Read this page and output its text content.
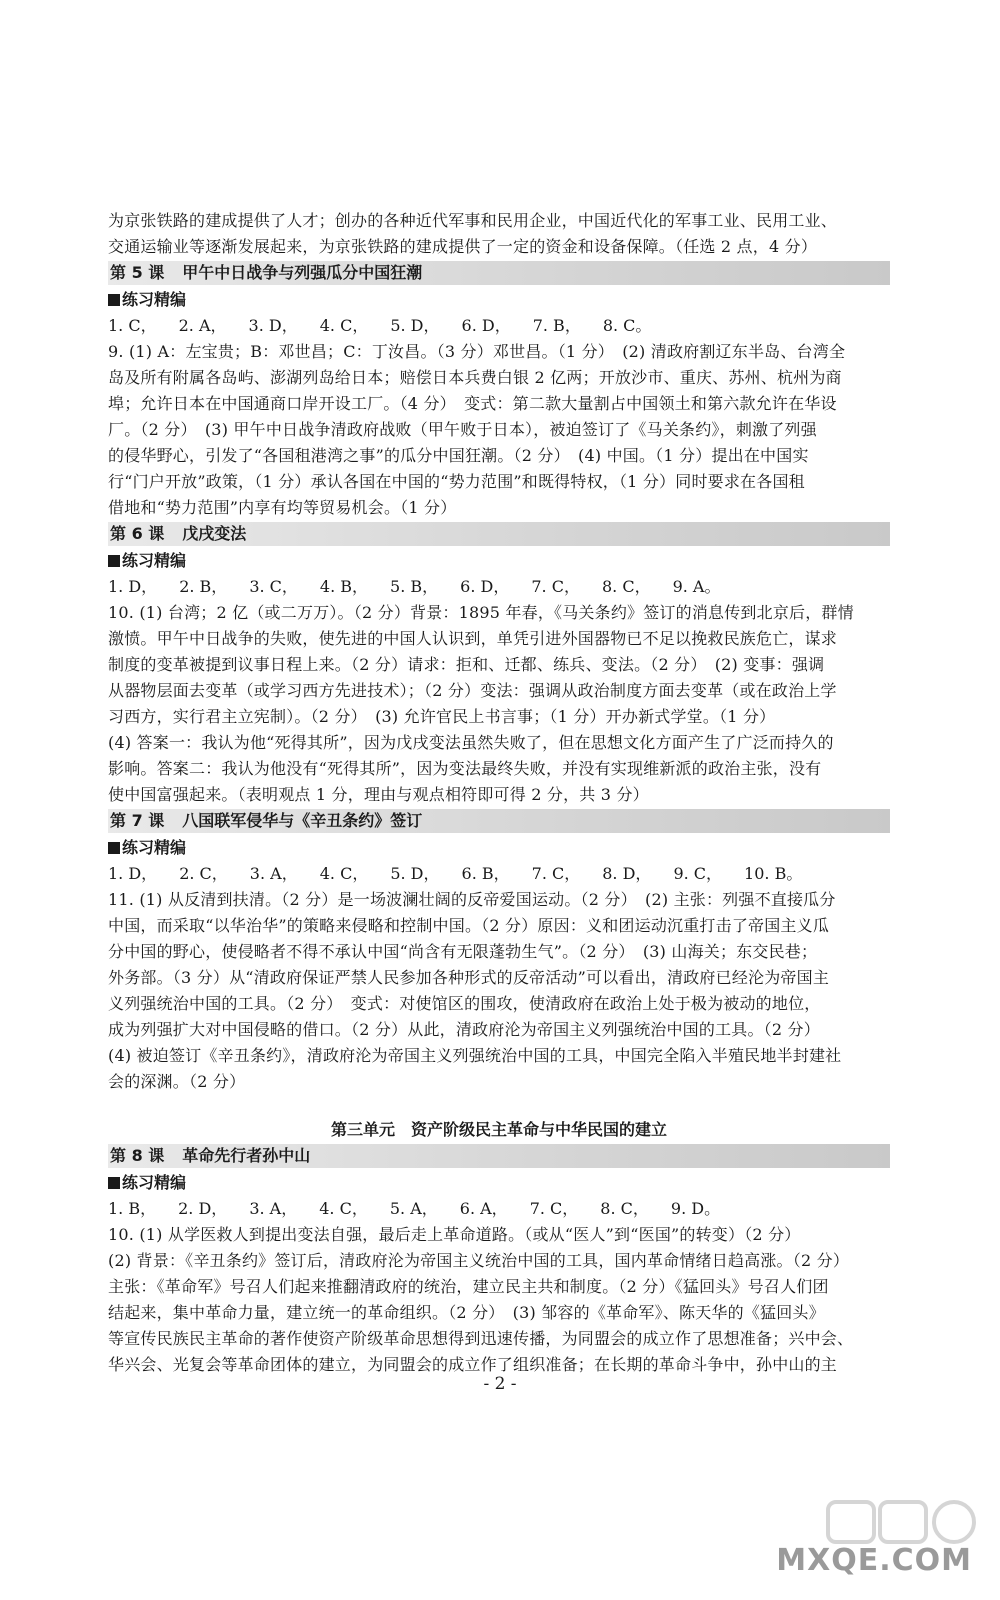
为京张铁路的建成提供了人才；创办的各种近代军事和民用企业，中国近代化的军事工业、民用工业、
交通运输业等逐渐发展起来，为京张铁路的建成提供了一定的资金和设备保障。（任选 2 点，4 分）
第 5 课 甲午中日战争与列强瓜分中国狂潮
练习精编
1. C， 2. A， 3. D， 4. C， 5. D， 6. D， 7. B， 8. C。
9. (1) A：左宝贵；B：邓世昌；C：丁汝昌。（3 分）邓世昌。（1 分）　(2) 清政府割辽东半岛、台湾全
岛及所有附属各岛屿、澎湖列岛给日本；赔偿日本兵费白银 2 亿两；开放沙市、重庆、苏州、杭州为商
埠；允许日本在中国通商口岸开设工厂。（4 分）　变式：第二款大量割占中国领土和第六款允许在华设
厂。（2 分）　(3) 甲午中日战争清政府战败（甲午败于日本），被迫签订了《马关条约》，刺激了列强
的侵华野心，引发了“各国租港湾之事”的瓜分中国狂潮。（2 分）　(4) 中国。（1 分）提出在中国实
行“门户开放”政策，（1 分）承认各国在中国的“势力范围”和既得特权，（1 分）同时要求在各国租
借地和“势力范围”内享有均等贸易机会。（1 分）
第 6 课 戊戌变法
练习精编
1. D， 2. B， 3. C， 4. B， 5. B， 6. D， 7. C， 8. C， 9. A。
10. (1) 台湾；2 亿（或二万万）。（2 分）背景：1895 年春，《马关条约》签订的消息传到北京后，群情
激愤。甲午中日战争的失败，使先进的中国人认识到，单凭引进外国器物已不足以挽救民族危亡，谋求
制度的变革被提到议事日程上来。（2 分）请求：拒和、迁都、练兵、变法。（2 分）　(2) 变事：强调
从器物层面去变革（或学习西方先进技术）；（2 分）变法：强调从政治制度方面去变革（或在政治上学
习西方，实行君主立宪制）。（2 分）　(3) 允许官民上书言事；（1 分）开办新式学堂。（1 分）
(4) 答案一：我认为他“死得其所”，因为戊戌变法虽然失败了，但在思想文化方面产生了广泛而持久的
影响。答案二：我认为他没有“死得其所”，因为变法最终失败，并没有实现维新派的政治主张，没有
使中国富强起来。（表明观点 1 分，理由与观点相符即可得 2 分，共 3 分）
第 7 课 八国联军侵华与《辛丑条约》签订
练习精编
1. D， 2. C， 3. A， 4. C， 5. D， 6. B， 7. C， 8. D， 9. C， 10. B。
11. (1) 从反清到扶清。（2 分）是一场波澜壮阔的反帝爱国运动。（2 分）　(2) 主张：列强不直接瓜分
中国，而采取“以华治华”的策略来侵略和控制中国。（2 分）原因：义和团运动沉重打击了帝国主义瓜
分中国的野心，使侵略者不得不承认中国“尚含有无限蓬勃生气”。（2 分）　(3) 山海关；东交民巷；
外务部。（3 分）从“清政府保证严禁人民参加各种形式的反帝活动”可以看出，清政府已经沦为帝国主
义列强统治中国的工具。（2 分）　变式：对使馆区的围攻，使清政府在政治上处于极为被动的地位，
成为列强扩大对中国侵略的借口。（2 分）从此，清政府沦为帝国主义列强统治中国的工具。（2 分）
(4) 被迫签订《辛丑条约》，清政府沦为帝国主义列强统治中国的工具，中国完全陷入半殖民地半封建社
会的深渊。（2 分）
第三单元 资产阶级民主革命与中华民国的建立
第 8 课 革命先行者孙中山
练习精编
1. B， 2. D， 3. A， 4. C， 5. A， 6. A， 7. C， 8. C， 9. D。
10. (1) 从学医救人到提出变法自强，最后走上革命道路。（或从“医人”到“医国”的转变）（2 分）
(2) 背景：《辛丑条约》签订后，清政府沦为帝国主义统治中国的工具，国内革命情绪日趋高涨。（2 分）
主张：《革命军》号召人们起来推翻清政府的统治，建立民主共和制度。（2 分）《猛回头》号召人们团
结起来，集中革命力量，建立统一的革命组织。（2 分）　(3) 邹容的《革命军》、陈天华的《猛回头》
等宣传民族民主革命的著作使资产阶级革命思想得到迅速传播，为同盟会的成立作了思想准备；兴中会、
华兴会、光复会等革命团体的建立，为同盟会的成立作了组织准备；在长期的革命斗争中，孙中山的主
- 2 -
MXQE.COM
